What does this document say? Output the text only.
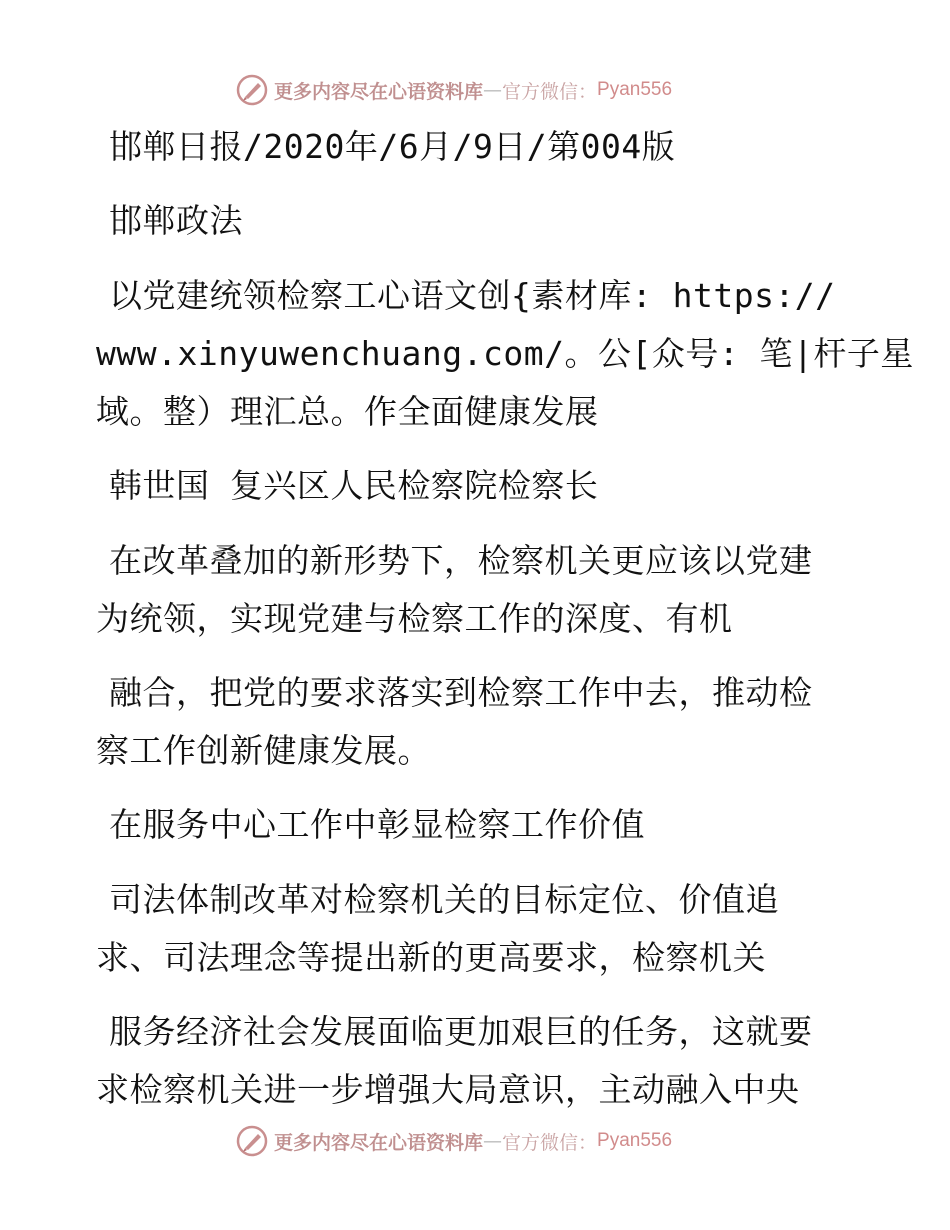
更多内容尽在心语资料库 — 官方微信： Pyan556
邯郸日报/2020年/6月/9日/第004版
邯郸政法
以党建统领检察工心语文创{素材库: https://
www.xinyuwenchuang.com/。公[众号: 笔|杆子星
域。整）理汇总。作全面健康发展
韩世国 复兴区人民检察院检察长
在改革叠加的新形势下，检察机关更应该以党建
为统领，实现党建与检察工作的深度、有机
融合，把党的要求落实到检察工作中去，推动检
察工作创新健康发展。
在服务中心工作中彰显检察工作价值
司法体制改革对检察机关的目标定位、价值追
求、司法理念等提出新的更高要求，检察机关
服务经济社会发展面临更加艰巨的任务，这就要
求检察机关进一步增强大局意识，主动融入中央
更多内容尽在心语资料库 — 官方微信： Pyan556
